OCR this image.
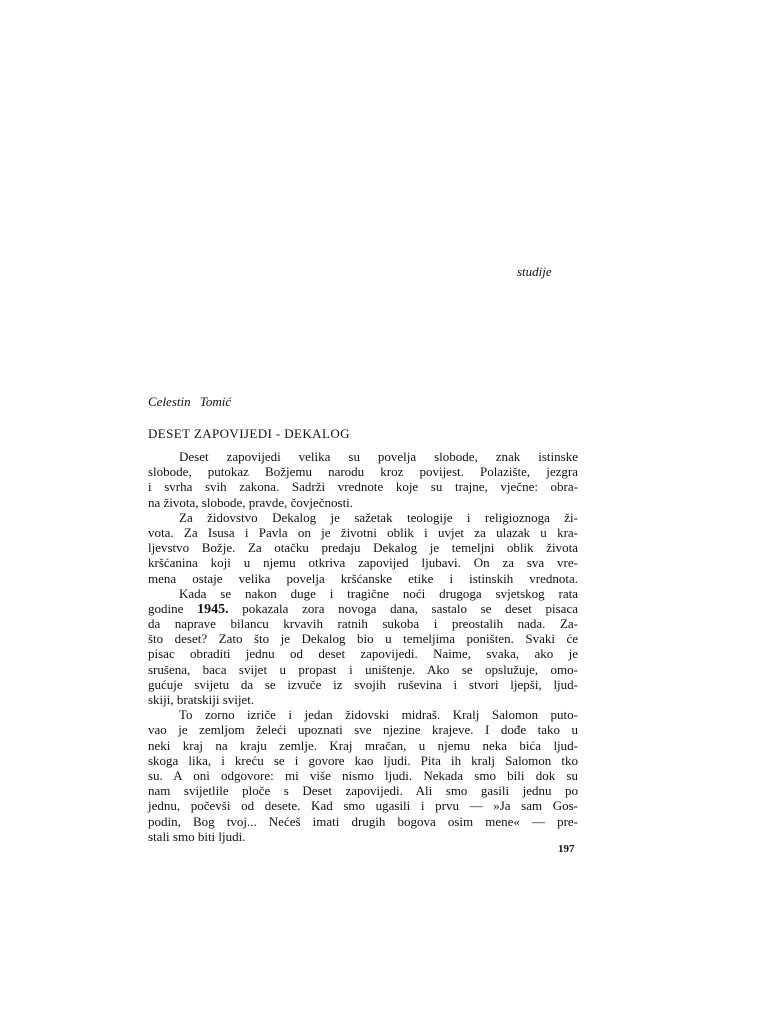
studije
Celestin Tomić
DESET ZAPOVIJEDI - DEKALOG
Deset zapovijedi velika su povelja slobode, znak istinske
slobode, putokaz Božjemu narodu kroz povijest. Polazište, jezgra
i svrha svih zakona. Sadrži vrednote koje su trajne, vječne: obra-
na života, slobode, pravde, čovječnosti.
Za židovstvo Dekalog je sažetak teologije i religioznoga ži-
vota. Za Isusa i Pavla on je životni oblik i uvjet za ulazak u kra-
ljevstvo Božje. Za otačku predaju Dekalog je temeljni oblik života
kršćanina koji u njemu otkriva zapovijed ljubavi. On za sva vre-
mena ostaje velika povelja kršćanske etike i istinskih vrednota.
Kada se nakon duge i tragične noći drugoga svjetskog rata
godine 1945. pokazala zora novoga dana, sastalo se deset pisaca
da naprave bilancu krvavih ratnih sukoba i preostalih nada. Za-
što deset? Zato što je Dekalog bio u temeljima poništen. Svaki će
pisac obraditi jednu od deset zapovijedi. Naime, svaka, ako je
srušena, baca svijet u propast i uništenje. Ako se opslužuje, omo-
gućuje svijetu da se izvuče iz svojih ruševina i stvori ljepši, ljud-
skiji, bratskiji svijet.
To zorno izriče i jedan židovski midraš. Kralj Salomon puto-
vao je zemljom želeći upoznati sve njezine krajeve. I dođe tako u
neki kraj na kraju zemlje. Kraj mračan, u njemu neka bića ljud-
skoga lika, i kreću se i govore kao ljudi. Pita ih kralj Salomon tko
su. A oni odgovore: mi više nismo ljudi. Nekada smo bili dok su
nam svijetlile ploče s Deset zapovijedi. Ali smo gasili jednu po
jednu, počevši od desete. Kad smo ugasili i prvu — »Ja sam Gos-
podin, Bog tvoj... Nećeš imati drugih bogova osim mene« — pre-
stali smo biti ljudi.
197
